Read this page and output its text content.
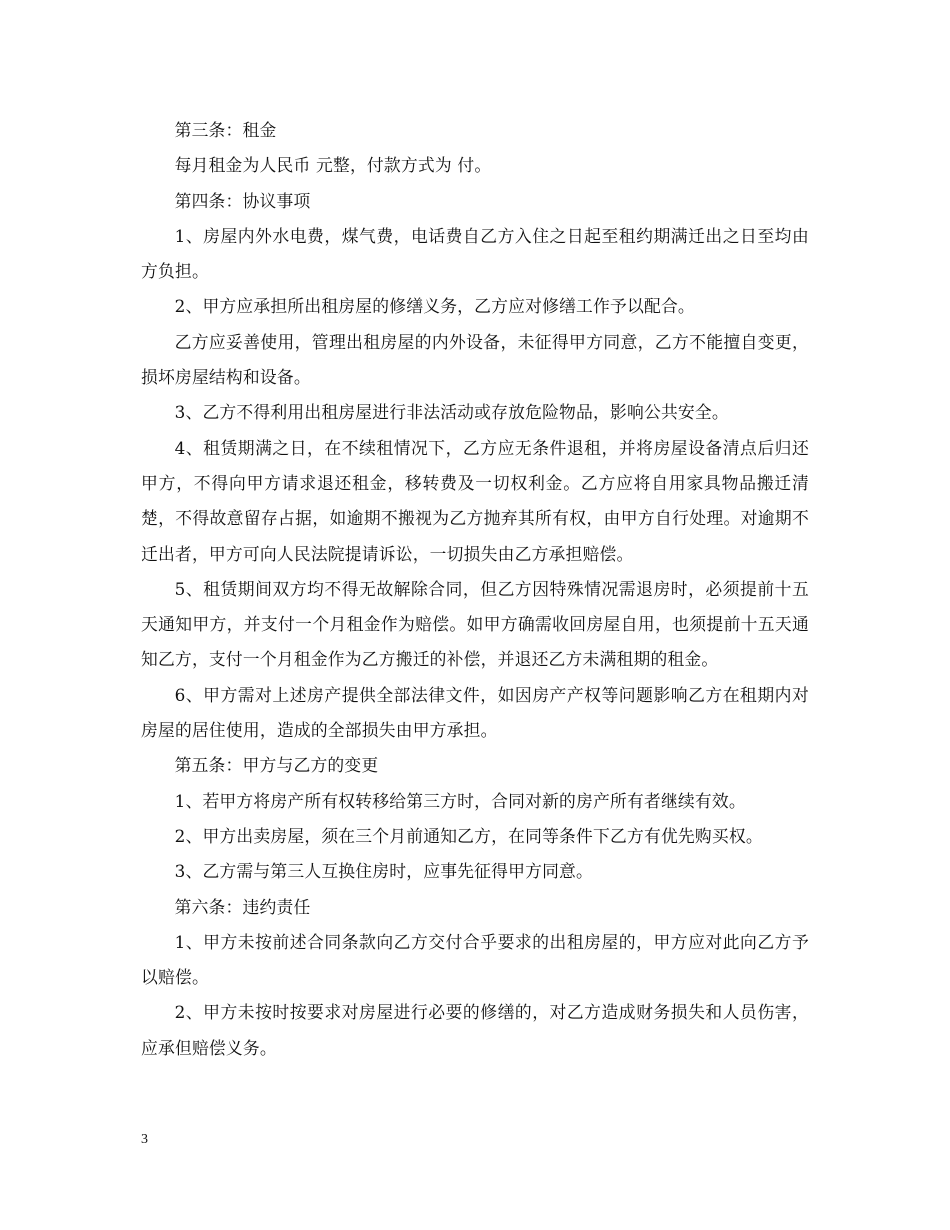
第三条：租金

每月租金为人民币 元整，付款方式为 付。

第四条：协议事项

1、房屋内外水电费，煤气费，电话费自乙方入住之日起至租约期满迁出之日至均由 方负担。

2、甲方应承担所出租房屋的修缮义务，乙方应对修缮工作予以配合。

乙方应妥善使用，管理出租房屋的内外设备，未征得甲方同意，乙方不能擅自变更，损坏房屋结构和设备。

3、乙方不得利用出租房屋进行非法活动或存放危险物品，影响公共安全。

4、租赁期满之日，在不续租情况下，乙方应无条件退租，并将房屋设备清点后归还甲方，不得向甲方请求退还租金，移转费及一切权利金。乙方应将自用家具物品搬迁清楚，不得故意留存占据，如逾期不搬视为乙方抛弃其所有权，由甲方自行处理。对逾期不迁出者，甲方可向人民法院提请诉讼，一切损失由乙方承担赔偿。

5、租赁期间双方均不得无故解除合同，但乙方因特殊情况需退房时，必须提前十五天通知甲方，并支付一个月租金作为赔偿。如甲方确需收回房屋自用，也须提前十五天通知乙方，支付一个月租金作为乙方搬迁的补偿，并退还乙方未满租期的租金。

6、甲方需对上述房产提供全部法律文件，如因房产产权等问题影响乙方在租期内对房屋的居住使用，造成的全部损失由甲方承担。

第五条：甲方与乙方的变更

1、若甲方将房产所有权转移给第三方时，合同对新的房产所有者继续有效。

2、甲方出卖房屋，须在三个月前通知乙方，在同等条件下乙方有优先购买权。

3、乙方需与第三人互换住房时，应事先征得甲方同意。

第六条：违约责任

1、甲方未按前述合同条款向乙方交付合乎要求的出租房屋的，甲方应对此向乙方予以赔偿。

2、甲方未按时按要求对房屋进行必要的修缮的，对乙方造成财务损失和人员伤害，应承但赔偿义务。

3
